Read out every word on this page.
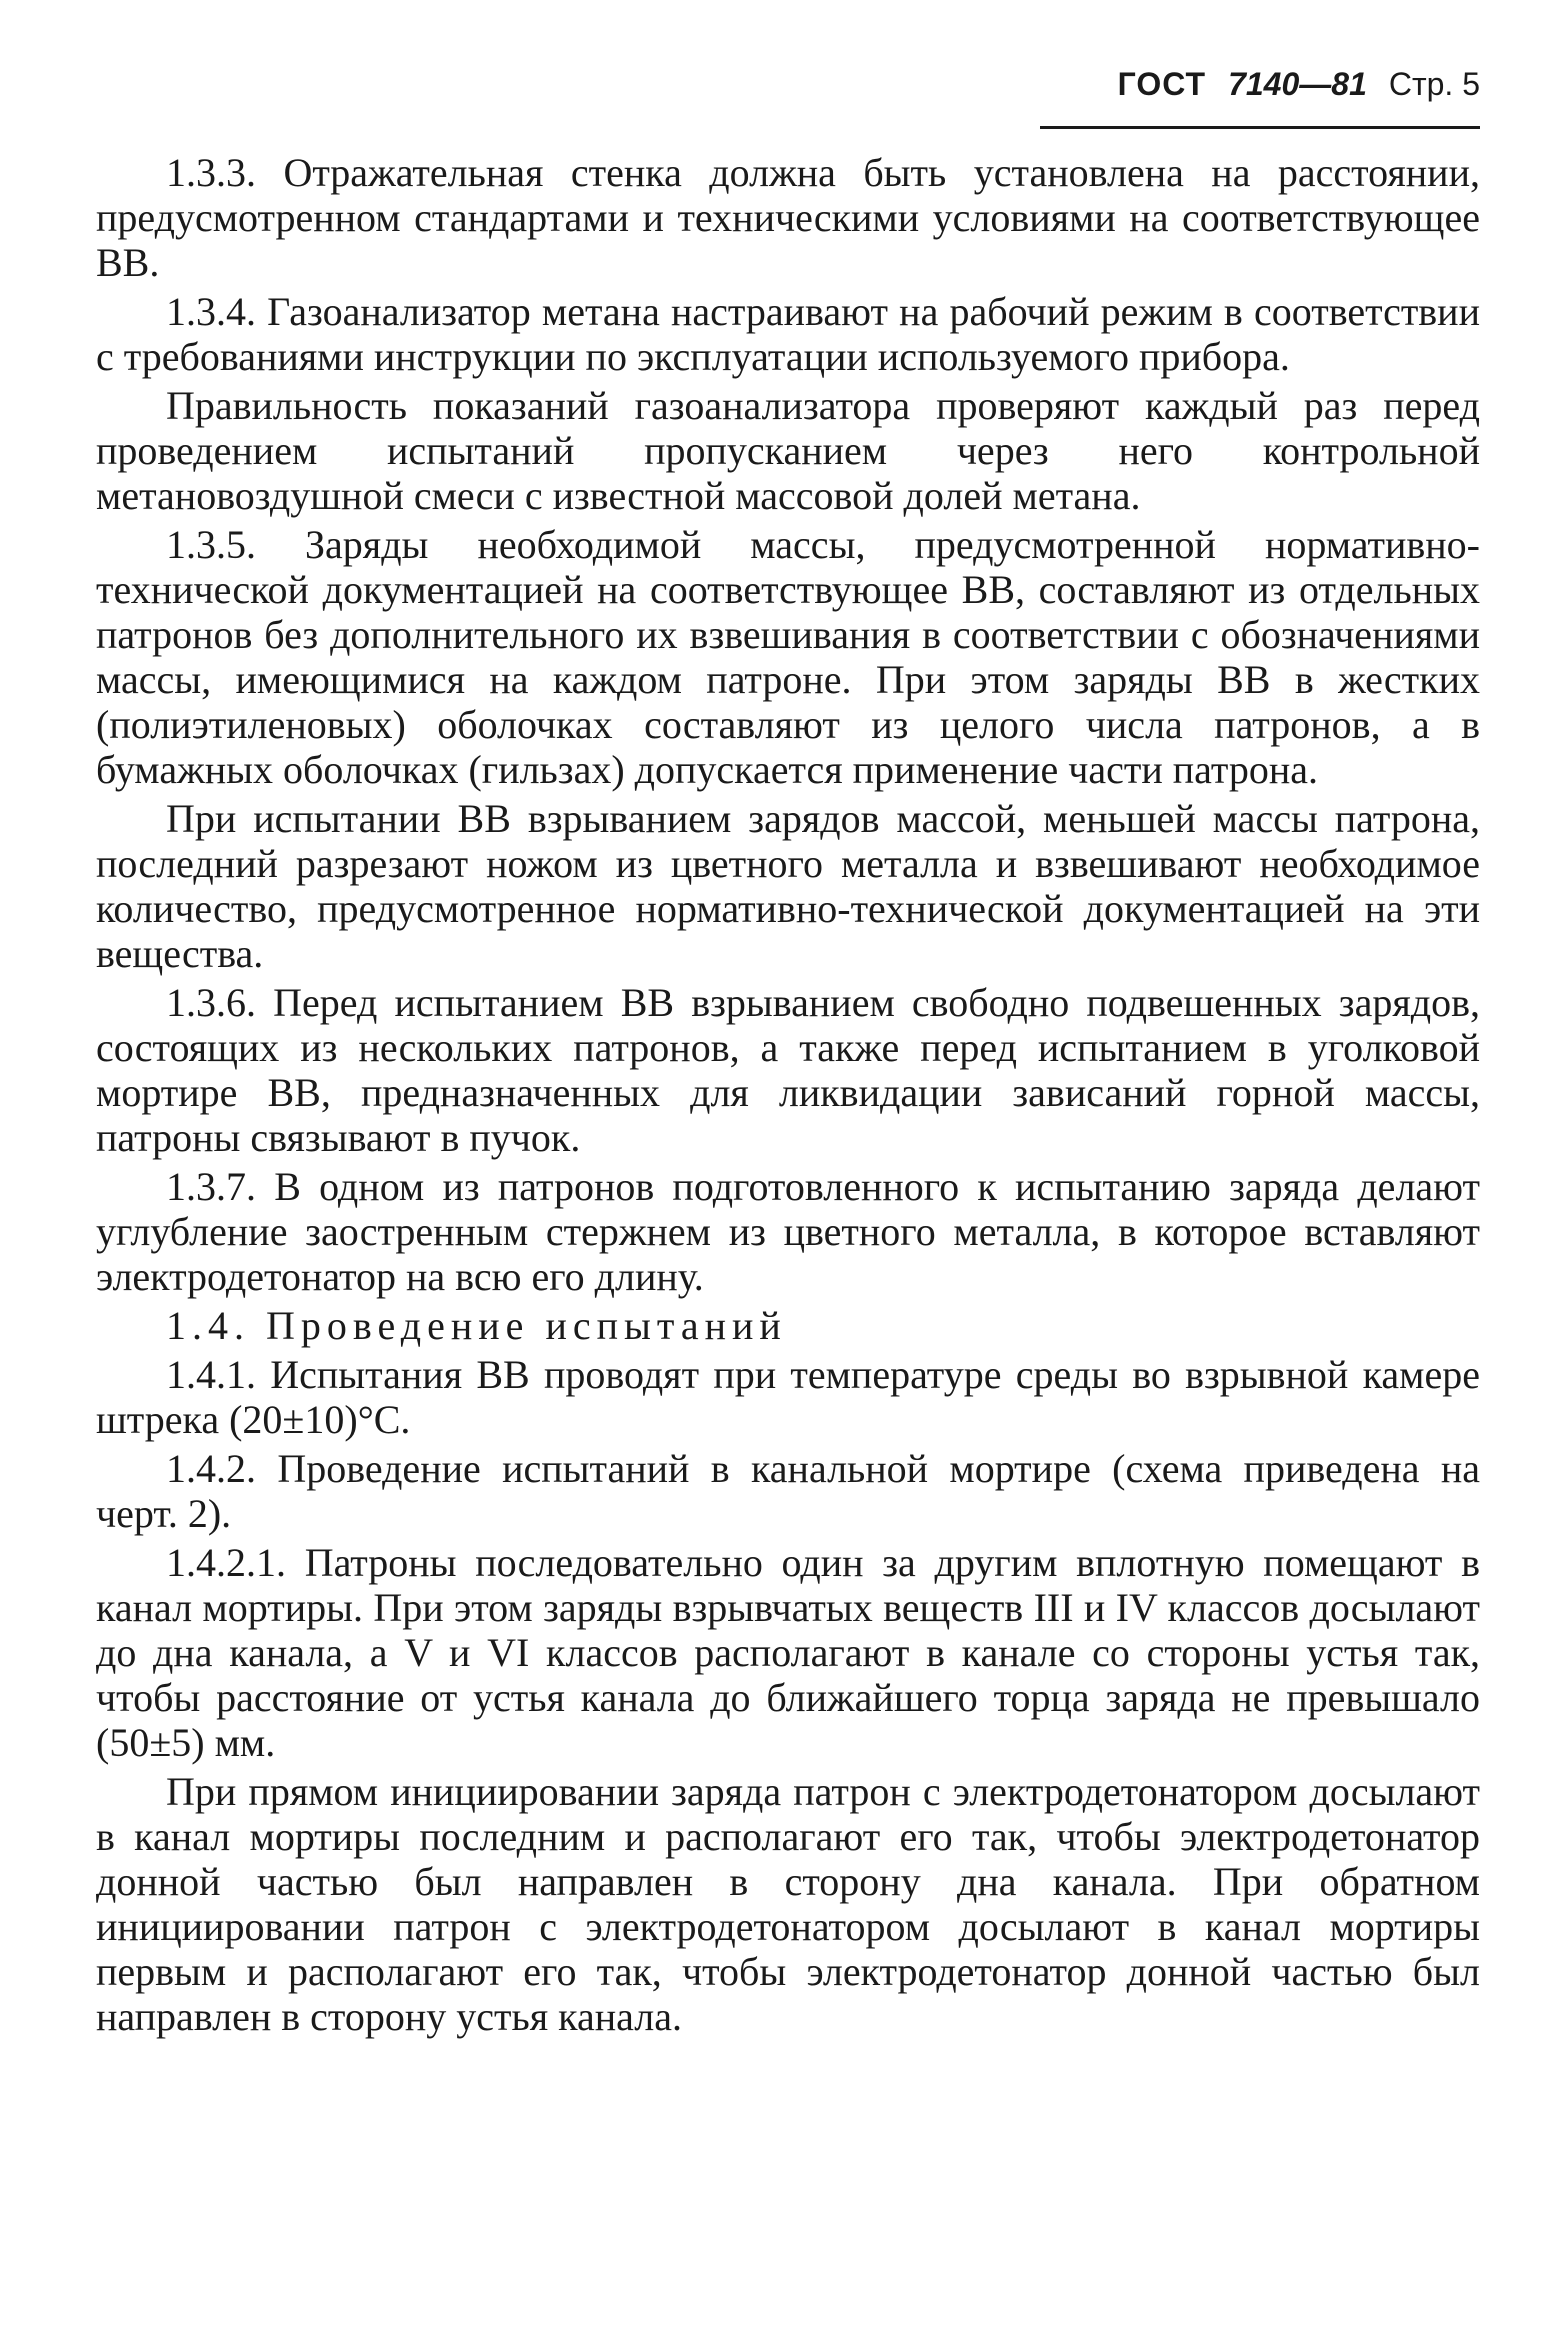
ГОСТ 7140—81 Стр. 5

1.3.3. Отражательная стенка должна быть установлена на расстоянии, предусмотренном стандартами и техническими условиями на соответствующее ВВ.

1.3.4. Газоанализатор метана настраивают на рабочий режим в соответствии с требованиями инструкции по эксплуатации используемого прибора.

Правильность показаний газоанализатора проверяют каждый раз перед проведением испытаний пропусканием через него контрольной метановоздушной смеси с известной массовой долей метана.

1.3.5. Заряды необходимой массы, предусмотренной нормативно-технической документацией на соответствующее ВВ, составляют из отдельных патронов без дополнительного их взвешивания в соответствии с обозначениями массы, имеющимися на каждом патроне. При этом заряды ВВ в жестких (полиэтиленовых) оболочках составляют из целого числа патронов, а в бумажных оболочках (гильзах) допускается применение части патрона.

При испытании ВВ взрыванием зарядов массой, меньшей массы патрона, последний разрезают ножом из цветного металла и взвешивают необходимое количество, предусмотренное нормативно-технической документацией на эти вещества.

1.3.6. Перед испытанием ВВ взрыванием свободно подвешенных зарядов, состоящих из нескольких патронов, а также перед испытанием в уголковой мортире ВВ, предназначенных для ликвидации зависаний горной массы, патроны связывают в пучок.

1.3.7. В одном из патронов подготовленного к испытанию заряда делают углубление заостренным стержнем из цветного металла, в которое вставляют электродетонатор на всю его длину.

1.4. Проведение испытаний

1.4.1. Испытания ВВ проводят при температуре среды во взрывной камере штрека (20±10)°С.

1.4.2. Проведение испытаний в канальной мортире (схема приведена на черт. 2).

1.4.2.1. Патроны последовательно один за другим вплотную помещают в канал мортиры. При этом заряды взрывчатых веществ III и IV классов досылают до дна канала, а V и VI классов располагают в канале со стороны устья так, чтобы расстояние от устья канала до ближайшего торца заряда не превышало (50±5) мм.

При прямом инициировании заряда патрон с электродетонатором досылают в канал мортиры последним и располагают его так, чтобы электродетонатор донной частью был направлен в сторону дна канала. При обратном инициировании патрон с электродетонатором досылают в канал мортиры первым и располагают его так, чтобы электродетонатор донной частью был направлен в сторону устья канала.
